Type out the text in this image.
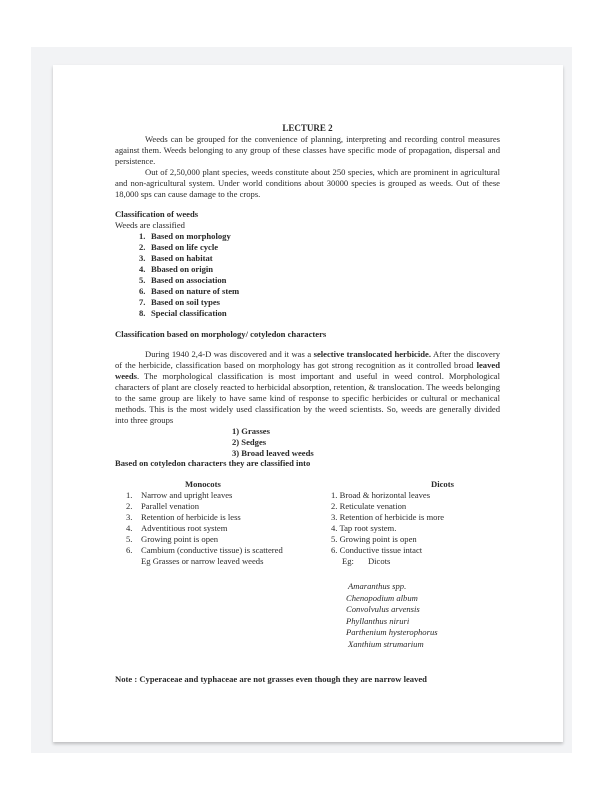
LECTURE 2

Weeds can be grouped for the convenience of planning, interpreting and recording control measures against them. Weeds belonging to any group of these classes have specific mode of propagation, dispersal and persistence.

Out of 2,50,000 plant species, weeds constitute about 250 species, which are prominent in agricultural and non-agricultural system. Under world conditions about 30000 species is grouped as weeds. Out of these 18,000 sps can cause damage to the crops.

Classification of weeds
Weeds are classified
1. Based on morphology
2. Based on life cycle
3. Based on habitat
4. Bbased on origin
5. Based on association
6. Based on nature of stem
7. Based on soil types
8. Special classification
Classification based on morphology/ cotyledon characters

During 1940 2,4-D was discovered and it was a selective translocated herbicide. After the discovery of the herbicide, classification based on morphology has got strong recognition as it controlled broad leaved weeds. The morphological classification is most important and useful in weed control. Morphological characters of plant are closely reacted to herbicidal absorption, retention, & translocation. The weeds belonging to the same group are likely to have same kind of response to specific herbicides or cultural or mechanical methods. This is the most widely used classification by the weed scientists. So, weeds are generally divided into three groups

1) Grasses
2) Sedges
3) Broad leaved weeds
Based on cotyledon characters they are classified into
Monocots
1. Narrow and upright leaves
2. Parallel venation
3. Retention of herbicide is less
4. Adventitious root system
5. Growing point is open
6. Cambium (conductive tissue) is scattered
Eg Grasses or narrow leaved weeds
Dicots
1. Broad & horizontal leaves
2. Reticulate venation
3. Retention of herbicide is more
4. Tap root system.
5. Growing point is open
6. Conductive tissue intact
Eg: Dicots
Amaranthus spp.
Chenopodium album
Convolvulus arvensis
Phyllanthus niruri
Parthenium hysterophorus
Xanthium strumarium
Note : Cyperaceae and typhaceae are not grasses even though they are narrow leaved
